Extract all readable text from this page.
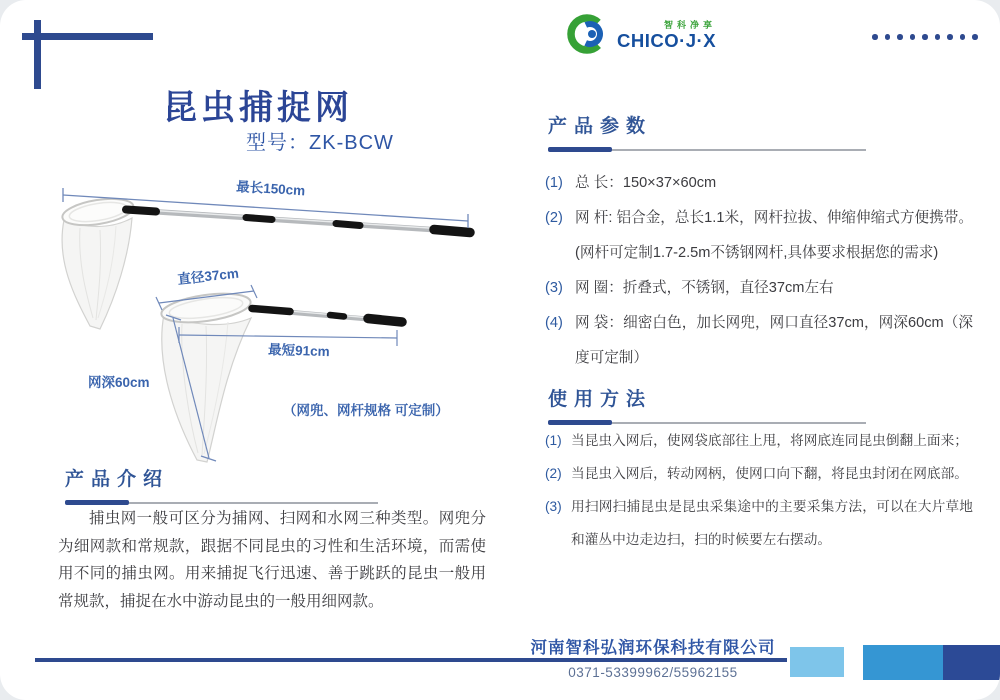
智科净享
CHICO·J·X
昆虫捕捉网
型号：ZK-BCW
最长150cm
直径37cm
最短91cm
网深60cm
（网兜、网杆规格 可定制）
产品参数
(1) 总 长：150×37×60cm
(2) 网 杆: 铝合金，总长1.1米，网杆拉拔、伸缩伸缩式方便携带。(网杆可定制1.7-2.5m不锈钢网杆,具体要求根据您的需求)
(3) 网 圈：折叠式，不锈钢，直径37cm左右
(4) 网 袋：细密白色，加长网兜，网口直径37cm，网深60cm（深度可定制）
使用方法
(1) 当昆虫入网后，使网袋底部往上甩，将网底连同昆虫倒翻上面来；
(2) 当昆虫入网后，转动网柄，使网口向下翻，将昆虫封闭在网底部。
(3) 用扫网扫捕昆虫是昆虫采集途中的主要采集方法，可以在大片草地和灌丛中边走边扫，扫的时候要左右摆动。
产品介绍
捕虫网一般可区分为捕网、扫网和水网三种类型。网兜分为细网款和常规款，跟据不同昆虫的习性和生活环境，而需使用不同的捕虫网。用来捕捉飞行迅速、善于跳跃的昆虫一般用常规款，捕捉在水中游动昆虫的一般用细网款。
河南智科弘润环保科技有限公司
0371-53399962/55962155
